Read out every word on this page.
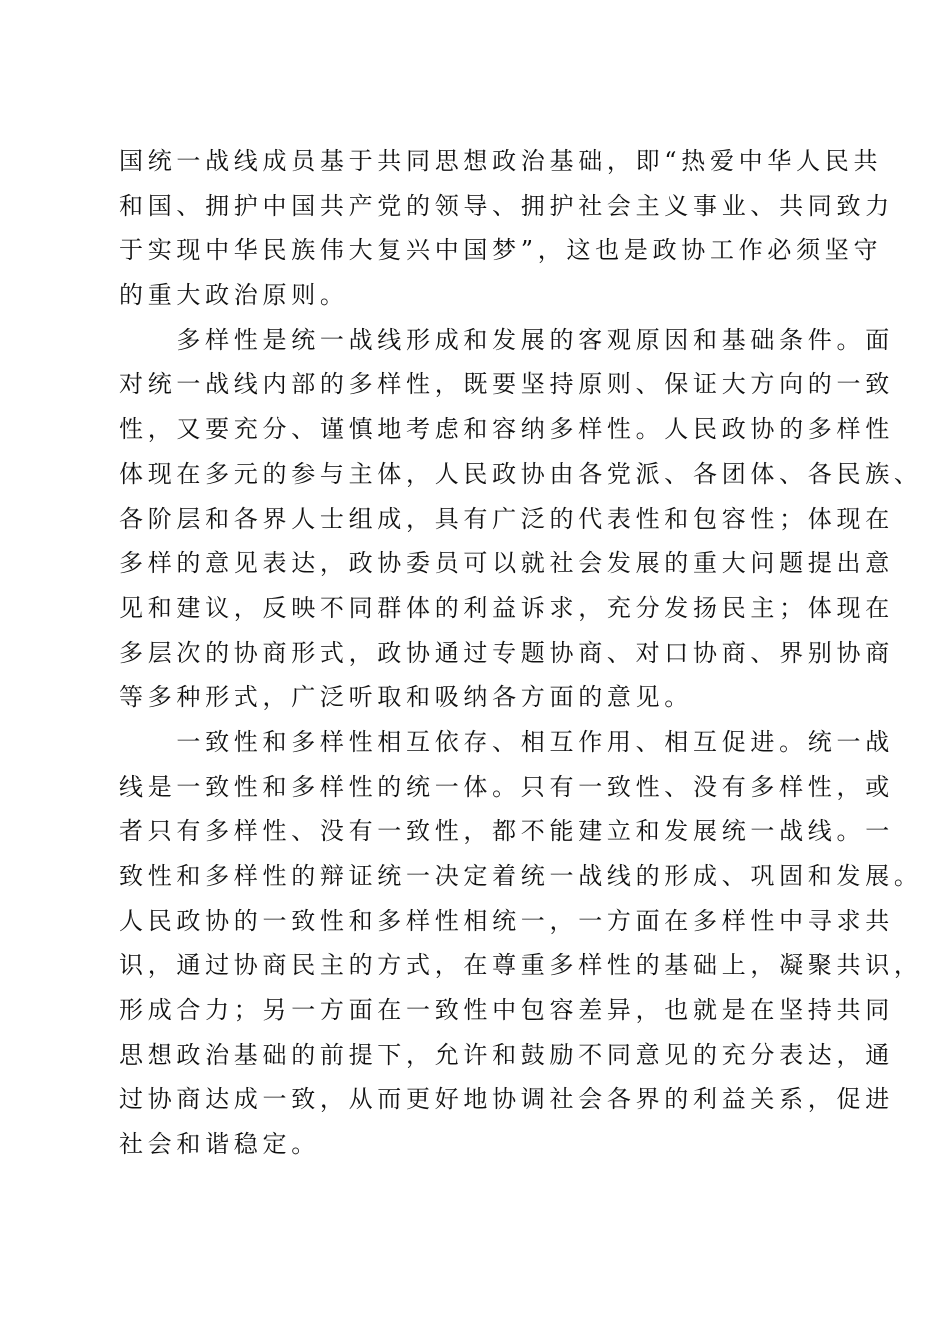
国统一战线成员基于共同思想政治基础，即“热爱中华人民共
和国、拥护中国共产党的领导、拥护社会主义事业、共同致力
于实现中华民族伟大复兴中国梦”，这也是政协工作必须坚守
的重大政治原则。
　　多样性是统一战线形成和发展的客观原因和基础条件。面
对统一战线内部的多样性，既要坚持原则、保证大方向的一致
性，又要充分、谨慎地考虑和容纳多样性。人民政协的多样性
体现在多元的参与主体，人民政协由各党派、各团体、各民族、
各阶层和各界人士组成，具有广泛的代表性和包容性；体现在
多样的意见表达，政协委员可以就社会发展的重大问题提出意
见和建议，反映不同群体的利益诉求，充分发扬民主；体现在
多层次的协商形式，政协通过专题协商、对口协商、界别协商
等多种形式，广泛听取和吸纳各方面的意见。
　　一致性和多样性相互依存、相互作用、相互促进。统一战
线是一致性和多样性的统一体。只有一致性、没有多样性，或
者只有多样性、没有一致性，都不能建立和发展统一战线。一
致性和多样性的辩证统一决定着统一战线的形成、巩固和发展。
人民政协的一致性和多样性相统一，一方面在多样性中寻求共
识，通过协商民主的方式，在尊重多样性的基础上，凝聚共识，
形成合力；另一方面在一致性中包容差异，也就是在坚持共同
思想政治基础的前提下，允许和鼓励不同意见的充分表达，通
过协商达成一致，从而更好地协调社会各界的利益关系，促进
社会和谐稳定。
